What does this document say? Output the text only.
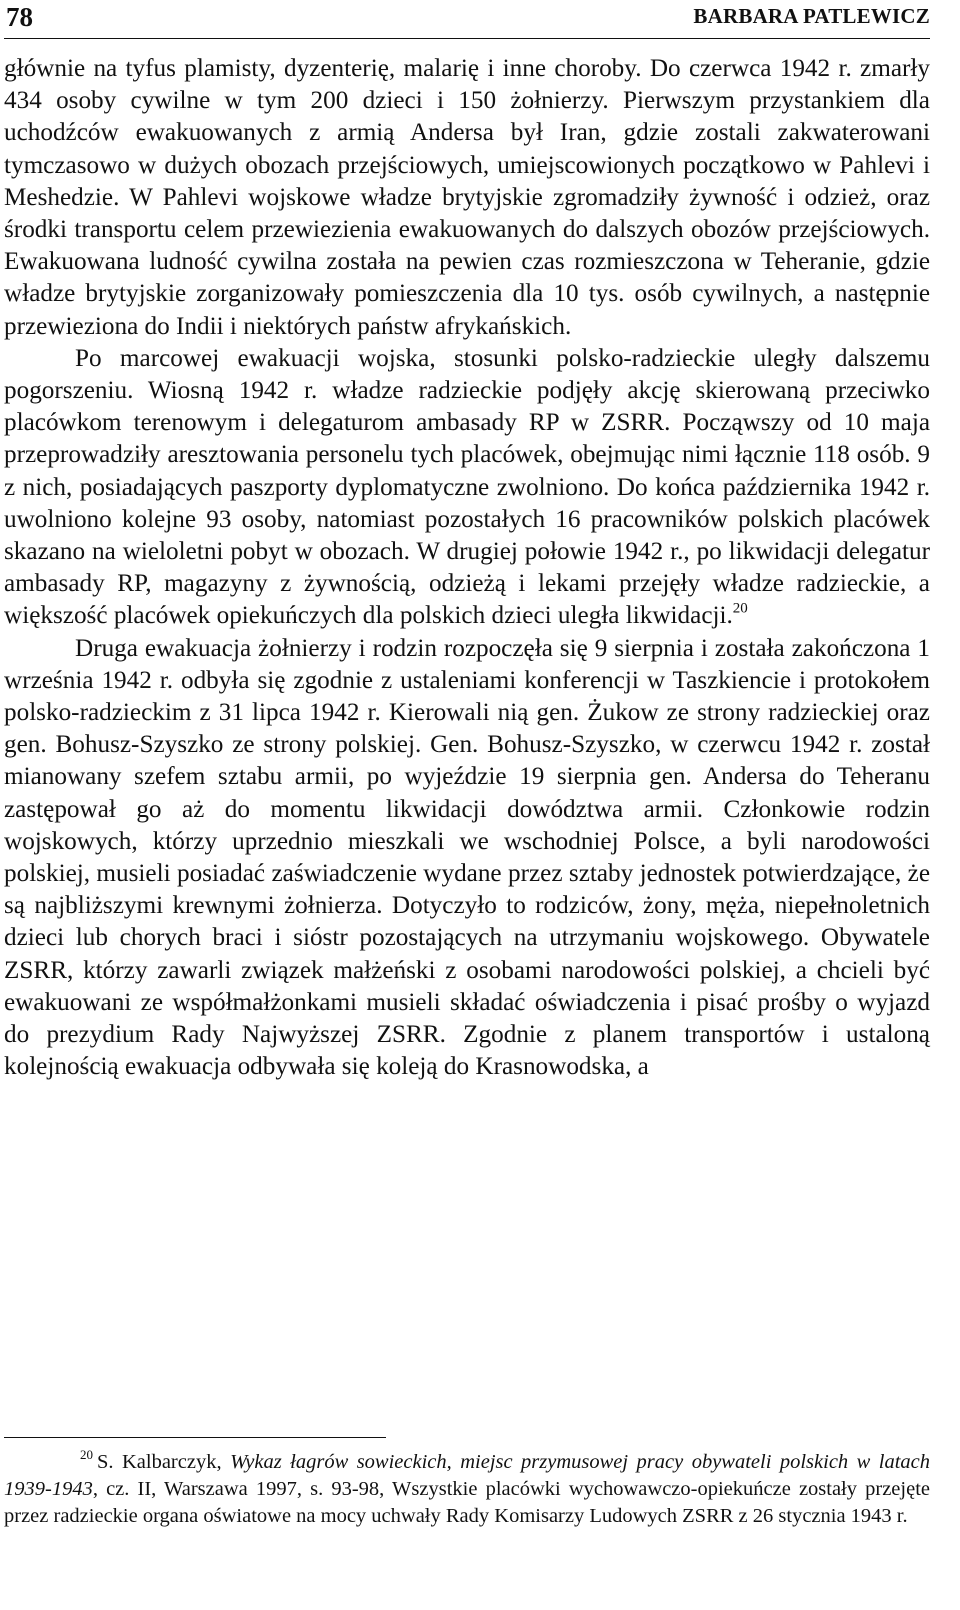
78	BARBARA PATLEWICZ

głównie na tyfus plamisty, dyzenterię, malarię i inne choroby. Do czerwca 1942 r. zmarły 434 osoby cywilne w tym 200 dzieci i 150 żołnierzy. Pierwszym przystankiem dla uchodźców ewakuowanych z armią Andersa był Iran, gdzie zostali zakwaterowani tymczasowo w dużych obozach przejściowych, umiejscowionych początkowo w Pahlevi i Meshedzie. W Pahlevi wojskowe władze brytyjskie zgromadziły żywność i odzież, oraz środki transportu celem przewiezienia ewakuowanych do dalszych obozów przejściowych. Ewakuowana ludność cywilna została na pewien czas rozmieszczona w Teheranie, gdzie władze brytyjskie zorganizowały pomieszczenia dla 10 tys. osób cywilnych, a następnie przewieziona do Indii i niektórych państw afrykańskich.

Po marcowej ewakuacji wojska, stosunki polsko-radzieckie uległy dalszemu pogorszeniu. Wiosną 1942 r. władze radzieckie podjęły akcję skierowaną przeciwko placówkom terenowym i delegaturom ambasady RP w ZSRR. Począwszy od 10 maja przeprowadziły aresztowania personelu tych placówek, obejmując nimi łącznie 118 osób. 9 z nich, posiadających paszporty dyplomatyczne zwolniono. Do końca października 1942 r. uwolniono kolejne 93 osoby, natomiast pozostałych 16 pracowników polskich placówek skazano na wieloletni pobyt w obozach. W drugiej połowie 1942 r., po likwidacji delegatur ambasady RP, magazyny z żywnością, odzieżą i lekami przejęły władze radzieckie, a większość placówek opiekuńczych dla polskich dzieci uległa likwidacji.$^{20}$

Druga ewakuacja żołnierzy i rodzin rozpoczęła się 9 sierpnia i została zakończona 1 września 1942 r. odbyła się zgodnie z ustaleniami konferencji w Taszkiencie i protokołem polsko-radzieckim z 31 lipca 1942 r. Kierowali nią gen. Żukow ze strony radzieckiej oraz gen. Bohusz-Szyszko ze strony polskiej. Gen. Bohusz-Szyszko, w czerwcu 1942 r. został mianowany szefem sztabu armii, po wyjeździe 19 sierpnia gen. Andersa do Teheranu zastępował go aż do momentu likwidacji dowództwa armii. Członkowie rodzin wojskowych, którzy uprzednio mieszkali we wschodniej Polsce, a byli narodowości polskiej, musieli posiadać zaświadczenie wydane przez sztaby jednostek potwierdzające, że są najbliższymi krewnymi żołnierza. Dotyczyło to rodziców, żony, męża, niepełnoletnich dzieci lub chorych braci i sióstr pozostających na utrzymaniu wojskowego. Obywatele ZSRR, którzy zawarli związek małżeński z osobami narodowości polskiej, a chcieli być ewakuowani ze współmałżonkami musieli składać oświadczenia i pisać prośby o wyjazd do prezydium Rady Najwyższej ZSRR. Zgodnie z planem transportów i ustaloną kolejnością ewakuacja odbywała się koleją do Krasnowodska, a

$^{20}$ S. Kalbarczyk, Wykaz łagrów sowieckich, miejsc przymusowej pracy obywateli polskich w latach 1939-1943, cz. II, Warszawa 1997, s. 93-98, Wszystkie placówki wychowawczo-opiekuńcze zostały przejęte przez radzieckie organa oświatowe na mocy uchwały Rady Komisarzy Ludowych ZSRR z 26 stycznia 1943 r.
